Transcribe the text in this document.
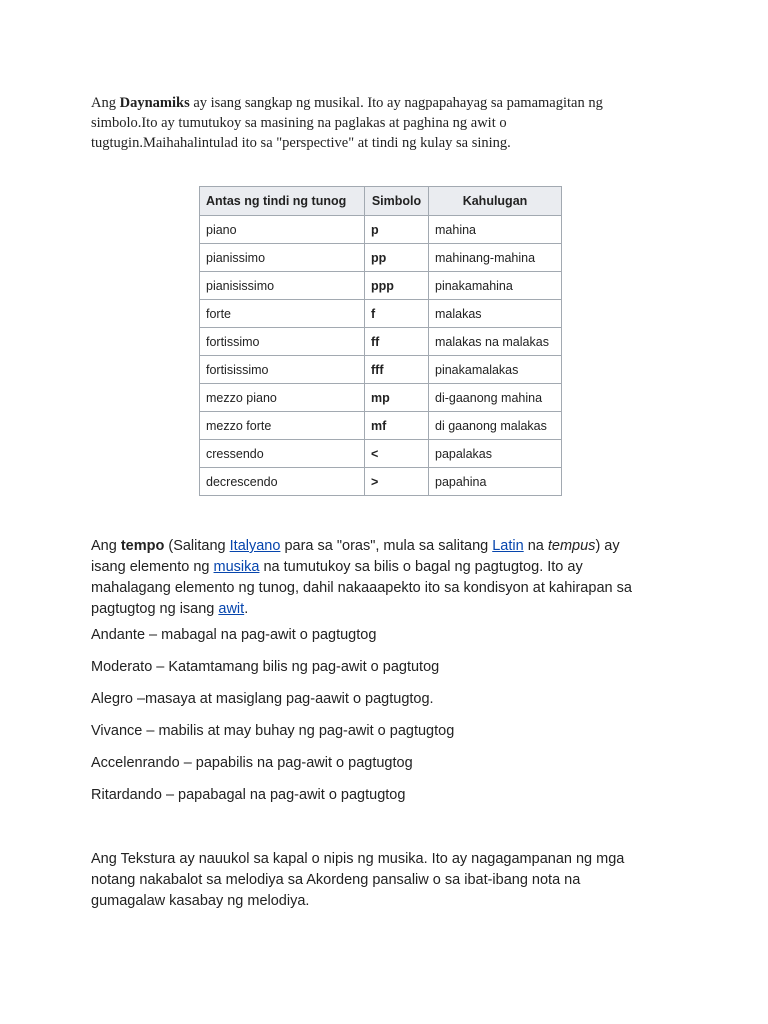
Ang Daynamiks ay isang sangkap ng musikal. Ito ay nagpapahayag sa pamamagitan ng
simbolo.Ito ay tumutukoy sa masining na paglakas at paghina ng awit o
tugtugin.Maihahalintulad ito sa "perspective" at tindi ng kulay sa sining.

Antas ng tindi ng tunog	Simbolo	Kahulugan
piano	p	mahina
pianissimo	pp	mahinang-mahina
pianisissimo	ppp	pinakamahina
forte	f	malakas
fortissimo	ff	malakas na malakas
fortisissimo	fff	pinakamalakas
mezzo piano	mp	di-gaanong mahina
mezzo forte	mf	di gaanong malakas
cressendo	<	papalakas
decrescendo	>	papahina

Ang tempo (Salitang Italyano para sa "oras", mula sa salitang Latin na tempus) ay
isang elemento ng musika na tumutukoy sa bilis o bagal ng pagtugtog. Ito ay
mahalagang elemento ng tunog, dahil nakaaapekto ito sa kondisyon at kahirapan sa
pagtugtog ng isang awit.

Andante – mabagal na pag-awit o pagtugtog

Moderato – Katamtamang bilis ng pag-awit o pagtutog

Alegro –masaya at masiglang pag-aawit o pagtugtog.

Vivance – mabilis at may buhay ng pag-awit o pagtugtog

Accelenrando – papabilis na pag-awit o pagtugtog

Ritardando – papabagal na pag-awit o pagtugtog

Ang Tekstura ay nauukol sa kapal o nipis ng musika. Ito ay nagagampanan ng mga
notang nakabalot sa melodiya sa Akordeng pansaliw o sa ibat-ibang nota na
gumagalaw kasabay ng melodiya.
